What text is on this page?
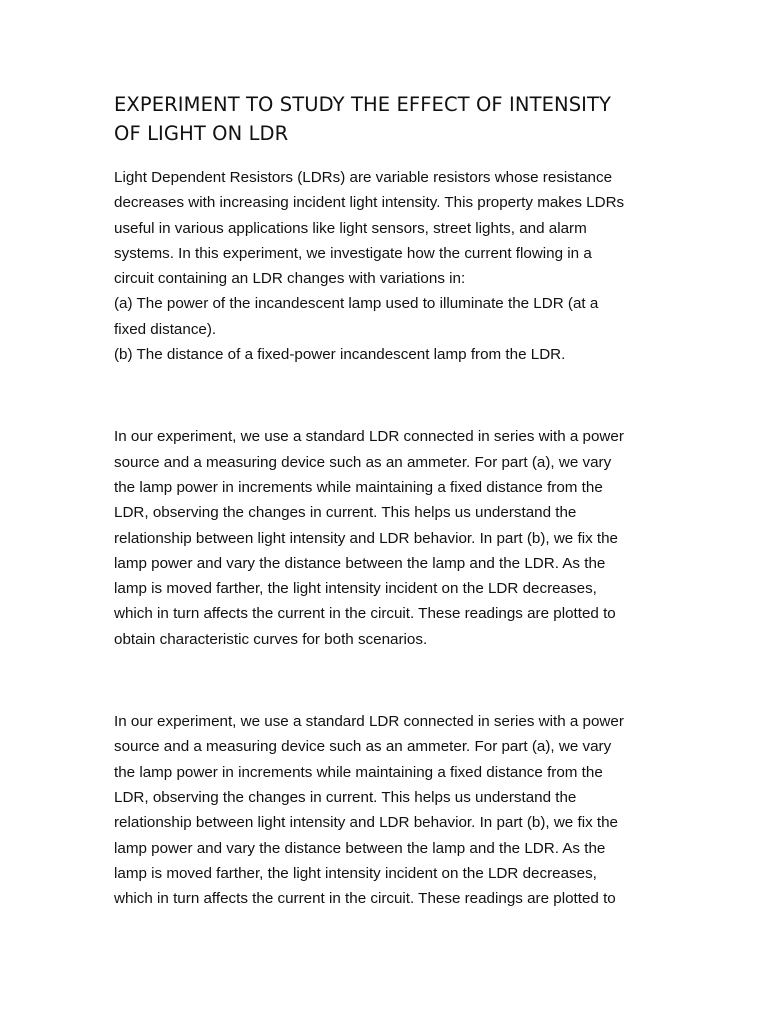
EXPERIMENT TO STUDY THE EFFECT OF INTENSITY
OF LIGHT ON LDR

Light Dependent Resistors (LDRs) are variable resistors whose resistance
decreases with increasing incident light intensity. This property makes LDRs
useful in various applications like light sensors, street lights, and alarm
systems. In this experiment, we investigate how the current flowing in a
circuit containing an LDR changes with variations in:
(a) The power of the incandescent lamp used to illuminate the LDR (at a
fixed distance).
(b) The distance of a fixed-power incandescent lamp from the LDR.

In our experiment, we use a standard LDR connected in series with a power
source and a measuring device such as an ammeter. For part (a), we vary
the lamp power in increments while maintaining a fixed distance from the
LDR, observing the changes in current. This helps us understand the
relationship between light intensity and LDR behavior. In part (b), we fix the
lamp power and vary the distance between the lamp and the LDR. As the
lamp is moved farther, the light intensity incident on the LDR decreases,
which in turn affects the current in the circuit. These readings are plotted to
obtain characteristic curves for both scenarios.

In our experiment, we use a standard LDR connected in series with a power
source and a measuring device such as an ammeter. For part (a), we vary
the lamp power in increments while maintaining a fixed distance from the
LDR, observing the changes in current. This helps us understand the
relationship between light intensity and LDR behavior. In part (b), we fix the
lamp power and vary the distance between the lamp and the LDR. As the
lamp is moved farther, the light intensity incident on the LDR decreases,
which in turn affects the current in the circuit. These readings are plotted to
